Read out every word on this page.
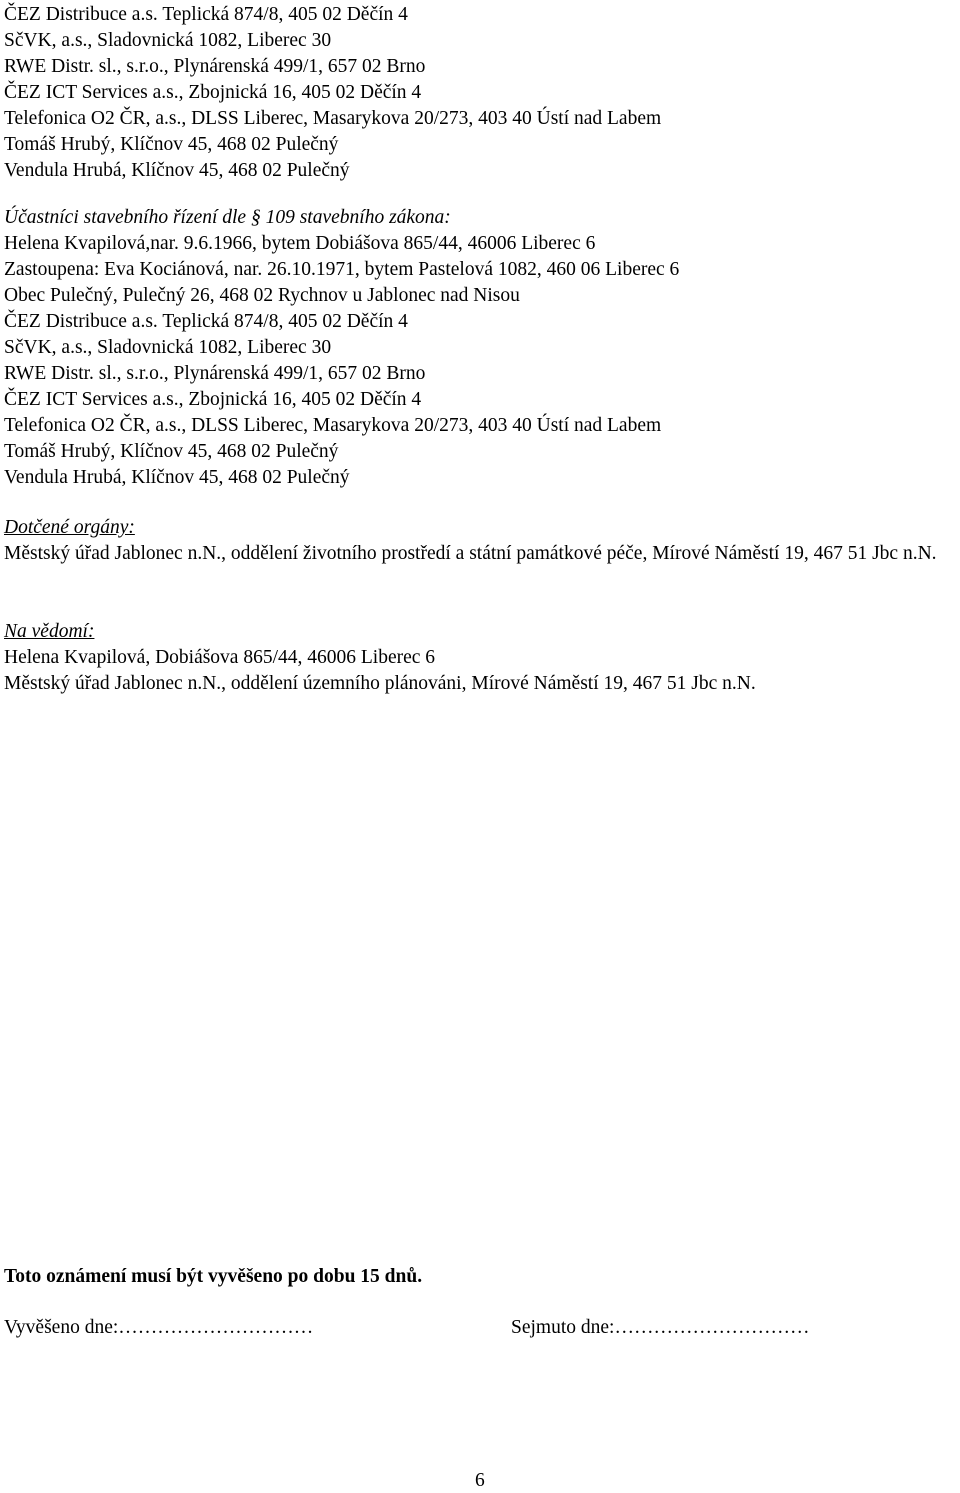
ČEZ Distribuce a.s. Teplická 874/8, 405 02 Děčín 4
SčVK, a.s., Sladovnická 1082, Liberec 30
RWE Distr. sl., s.r.o., Plynárenská 499/1, 657 02 Brno
ČEZ ICT Services a.s., Zbojnická 16, 405 02 Děčín 4
Telefonica O2 ČR, a.s., DLSS Liberec, Masarykova 20/273, 403 40 Ústí nad Labem
Tomáš Hrubý, Klíčnov 45, 468 02 Pulečný
Vendula Hrubá, Klíčnov 45, 468 02 Pulečný
Účastníci stavebního řízení dle § 109 stavebního zákona:
Helena Kvapilová,nar. 9.6.1966, bytem Dobiášova 865/44, 46006 Liberec 6
Zastoupena: Eva Kociánová, nar. 26.10.1971, bytem Pastelová 1082, 460 06 Liberec 6
Obec Pulečný, Pulečný 26, 468 02 Rychnov u Jablonec nad Nisou
ČEZ Distribuce a.s. Teplická 874/8, 405 02 Děčín 4
SčVK, a.s., Sladovnická 1082, Liberec 30
RWE Distr. sl., s.r.o., Plynárenská 499/1, 657 02 Brno
ČEZ ICT Services a.s., Zbojnická 16, 405 02 Děčín 4
Telefonica O2 ČR, a.s., DLSS Liberec, Masarykova 20/273, 403 40 Ústí nad Labem
Tomáš Hrubý, Klíčnov 45, 468 02 Pulečný
Vendula Hrubá, Klíčnov 45, 468 02 Pulečný
Dotčené orgány:
Městský úřad Jablonec n.N., oddělení životního prostředí a státní památkové péče, Mírové Náměstí 19, 467 51 Jbc n.N.
Na vědomí:
Helena Kvapilová, Dobiášova 865/44, 46006 Liberec 6
Městský úřad Jablonec n.N., oddělení územního plánováni, Mírové Náměstí 19, 467 51 Jbc n.N.
Toto oznámení musí být vyvěšeno po dobu 15 dnů.
Vyvěšeno dne:…………………………	Sejmuto dne:…………………………
6
